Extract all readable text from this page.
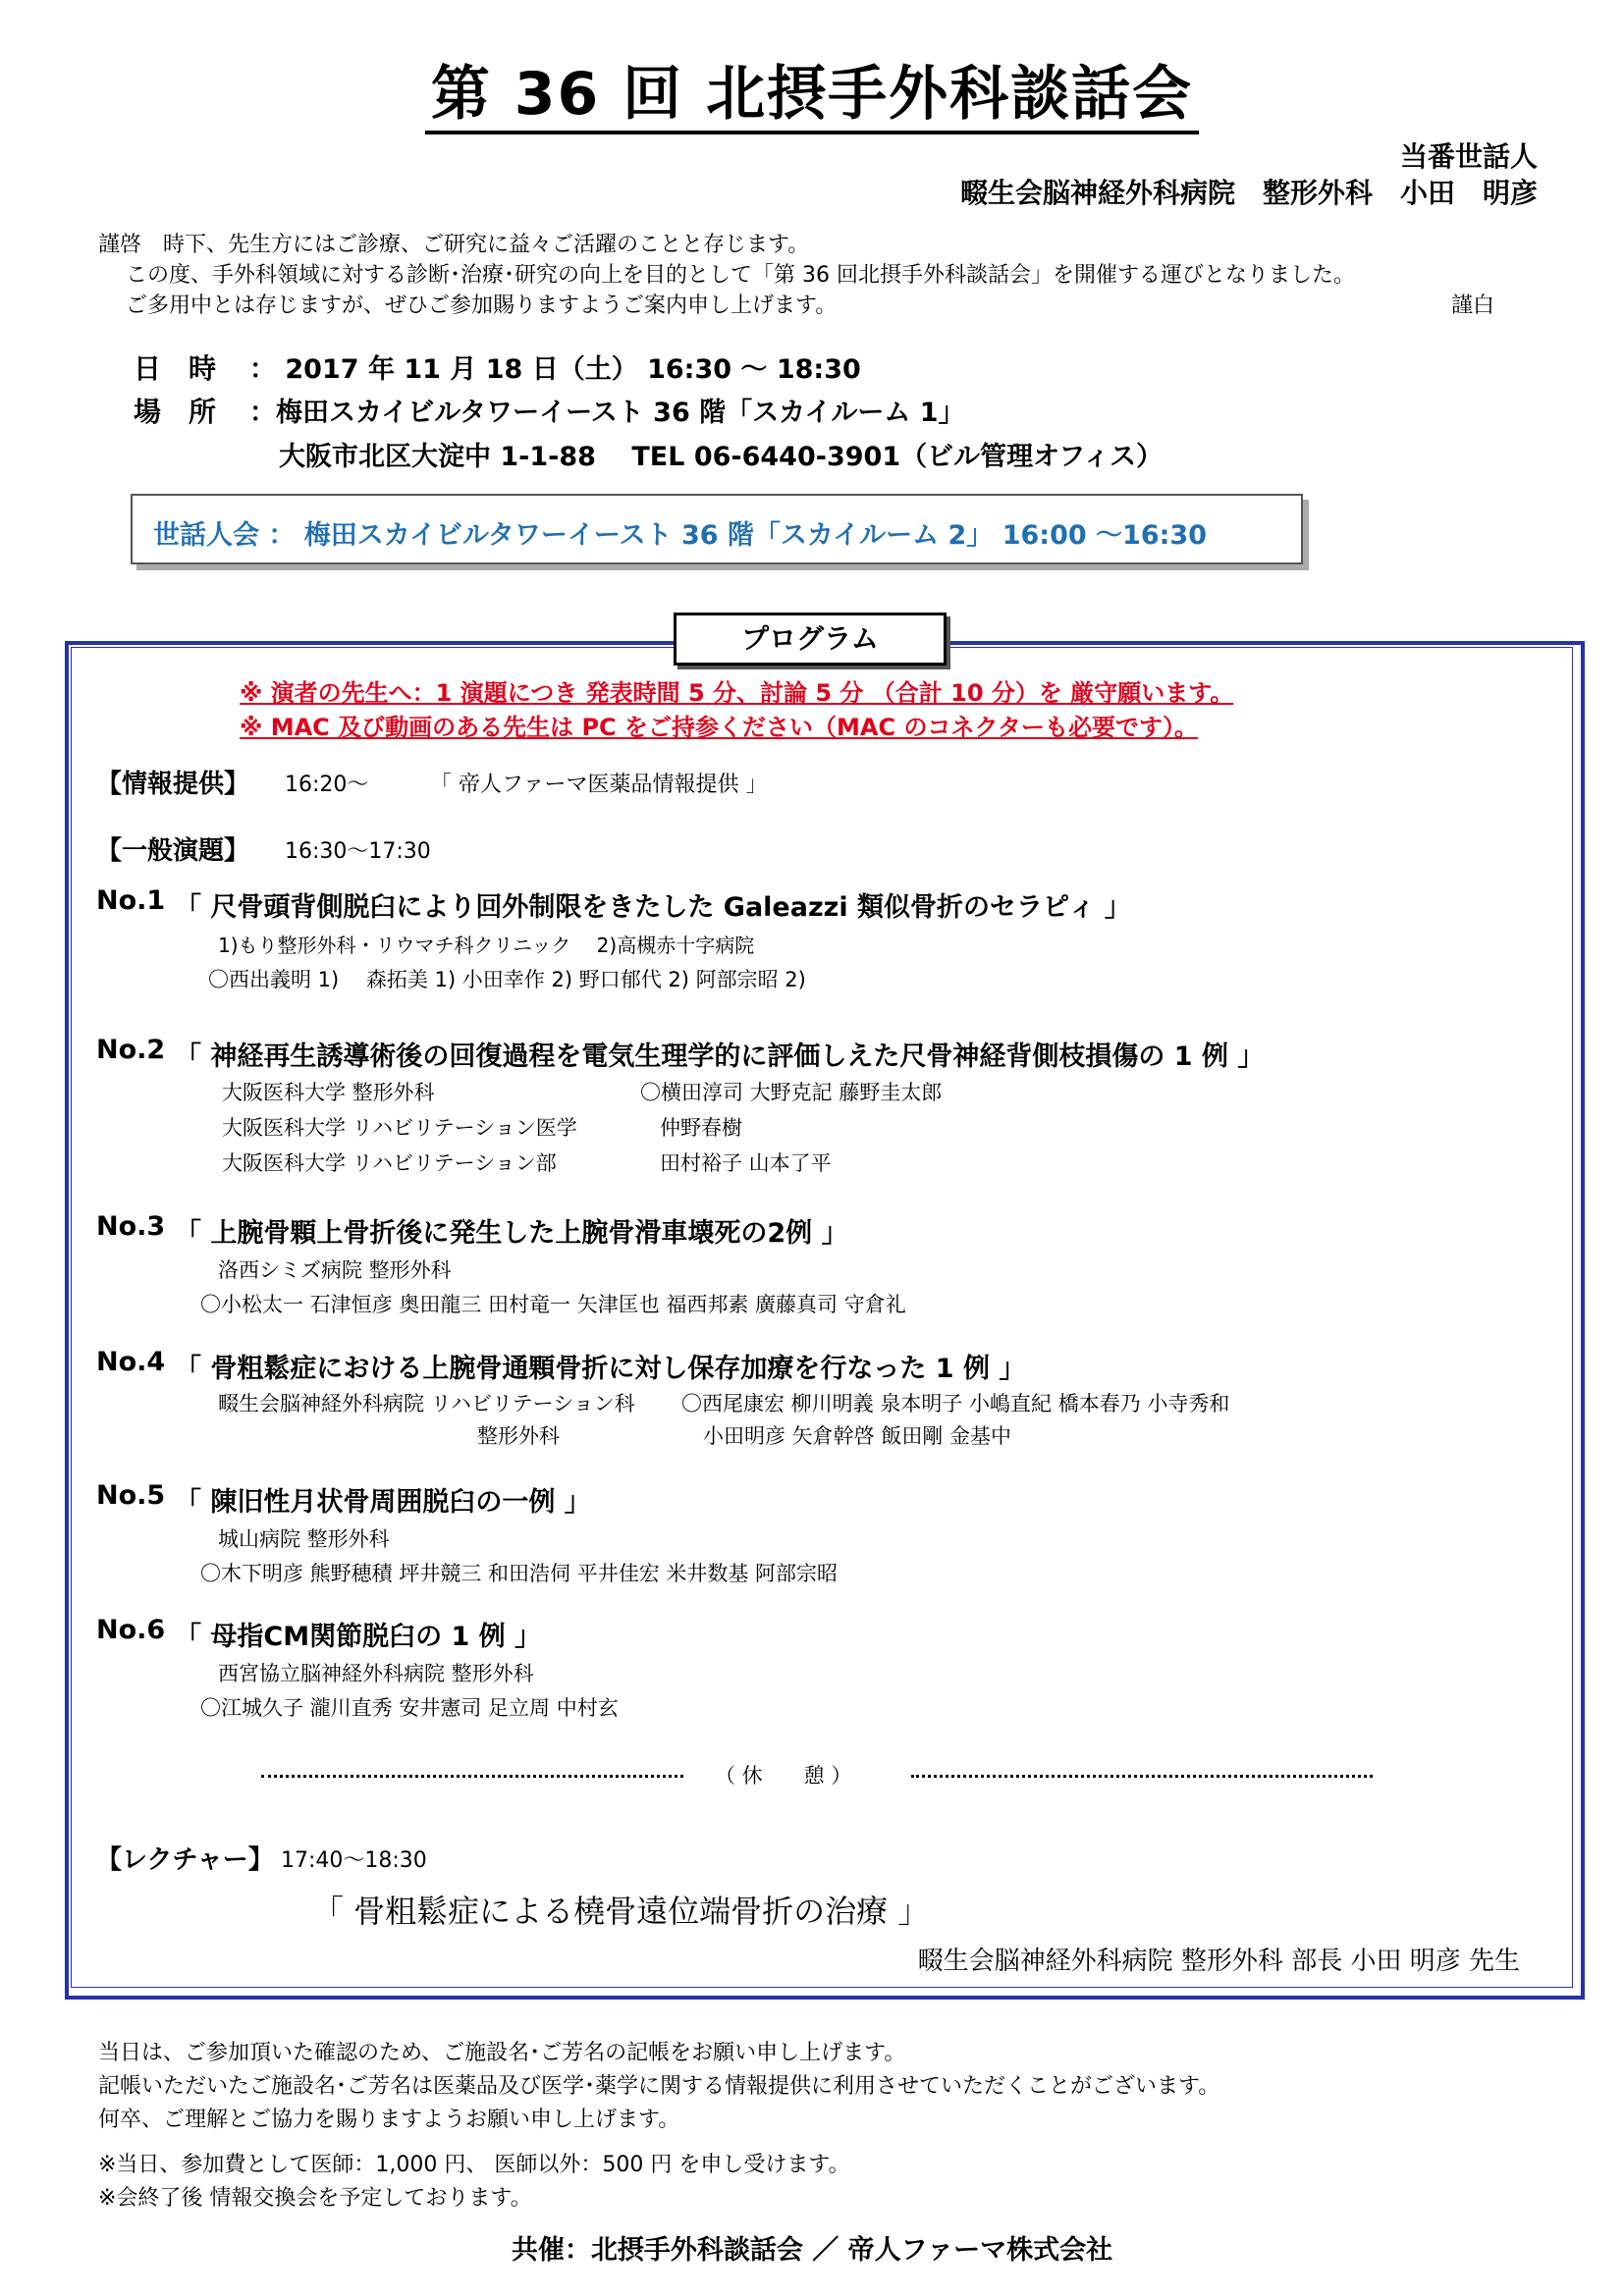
第 36 回 北摂手外科談話会
当番世話人
畷生会脳神経外科病院　整形外科　小田　明彦
謹啓　時下、先生方にはご診療、ご研究に益々ご活躍のことと存じます。
この度、手外科領域に対する診断･治療･研究の向上を目的として「第 36 回北摂手外科談話会」を開催する運びとなりました。
ご多用中とは存じますが、ぜひご参加賜りますようご案内申し上げます。	謹白
日　時 ： 2017 年 11 月 18 日（土） 16:30 ～ 18:30
場　所 ：梅田スカイビルタワーイースト 36 階「スカイルーム 1」
大阪市北区大淀中 1-1-88　 TEL 06-6440-3901（ビル管理オフィス）
世話人会 ： 梅田スカイビルタワーイースト 36 階「スカイルーム 2」 16:00 ～16:30
プログラム
※ 演者の先生へ：1 演題につき 発表時間 5 分、討論 5 分 （合計 10 分）を 厳守願います。
※ MAC 及び動画のある先生は PC をご持参ください（MAC のコネクターも必要です）。
【情報提供】 16:20～	「 帝人ファーマ医薬品情報提供 」
【一般演題】 16:30～17:30
No.1 「 尺骨頭背側脱臼により回外制限をきたした Galeazzi 類似骨折のセラピィ 」
1)もり整形外科・リウマチ科クリニック　 2)高槻赤十字病院
〇西出義明 1)　 森拓美 1) 小田幸作 2) 野口郁代 2) 阿部宗昭 2)
No.2 「 神経再生誘導術後の回復過程を電気生理学的に評価しえた尺骨神経背側枝損傷の 1 例 」
大阪医科大学 整形外科	〇横田淳司 大野克記 藤野圭太郎
大阪医科大学 リハビリテーション医学	仲野春樹
大阪医科大学 リハビリテーション部	田村裕子 山本了平
No.3 「 上腕骨顆上骨折後に発生した上腕骨滑車壊死の2例 」
洛西シミズ病院 整形外科
〇小松太一 石津恒彦 奥田龍三 田村竜一 矢津匡也 福西邦素 廣藤真司 守倉礼
No.4 「 骨粗鬆症における上腕骨通顆骨折に対し保存加療を行なった 1 例 」
畷生会脳神経外科病院 リハビリテーション科 〇西尾康宏 柳川明義 泉本明子 小嶋直紀 橋本春乃 小寺秀和
整形外科	小田明彦 矢倉幹啓 飯田剛 金基中
No.5 「 陳旧性月状骨周囲脱臼の一例 」
城山病院 整形外科
〇木下明彦 熊野穂積 坪井競三 和田浩伺 平井佳宏 米井数基 阿部宗昭
No.6 「 母指CM関節脱臼の 1 例 」
西宮協立脳神経外科病院 整形外科
〇江城久子 瀧川直秀 安井憲司 足立周 中村玄
（ 休　　憩 ）
【レクチャー】 17:40～18:30
「 骨粗鬆症による橈骨遠位端骨折の治療 」
畷生会脳神経外科病院 整形外科 部長 小田 明彦 先生
当日は、ご参加頂いた確認のため、ご施設名･ご芳名の記帳をお願い申し上げます。
記帳いただいたご施設名･ご芳名は医薬品及び医学･薬学に関する情報提供に利用させていただくことがございます。
何卒、ご理解とご協力を賜りますようお願い申し上げます。
※当日、参加費として医師：1,000 円、 医師以外：500 円 を申し受けます。
※会終了後 情報交換会を予定しております。
共催：北摂手外科談話会 ／ 帝人ファーマ株式会社
